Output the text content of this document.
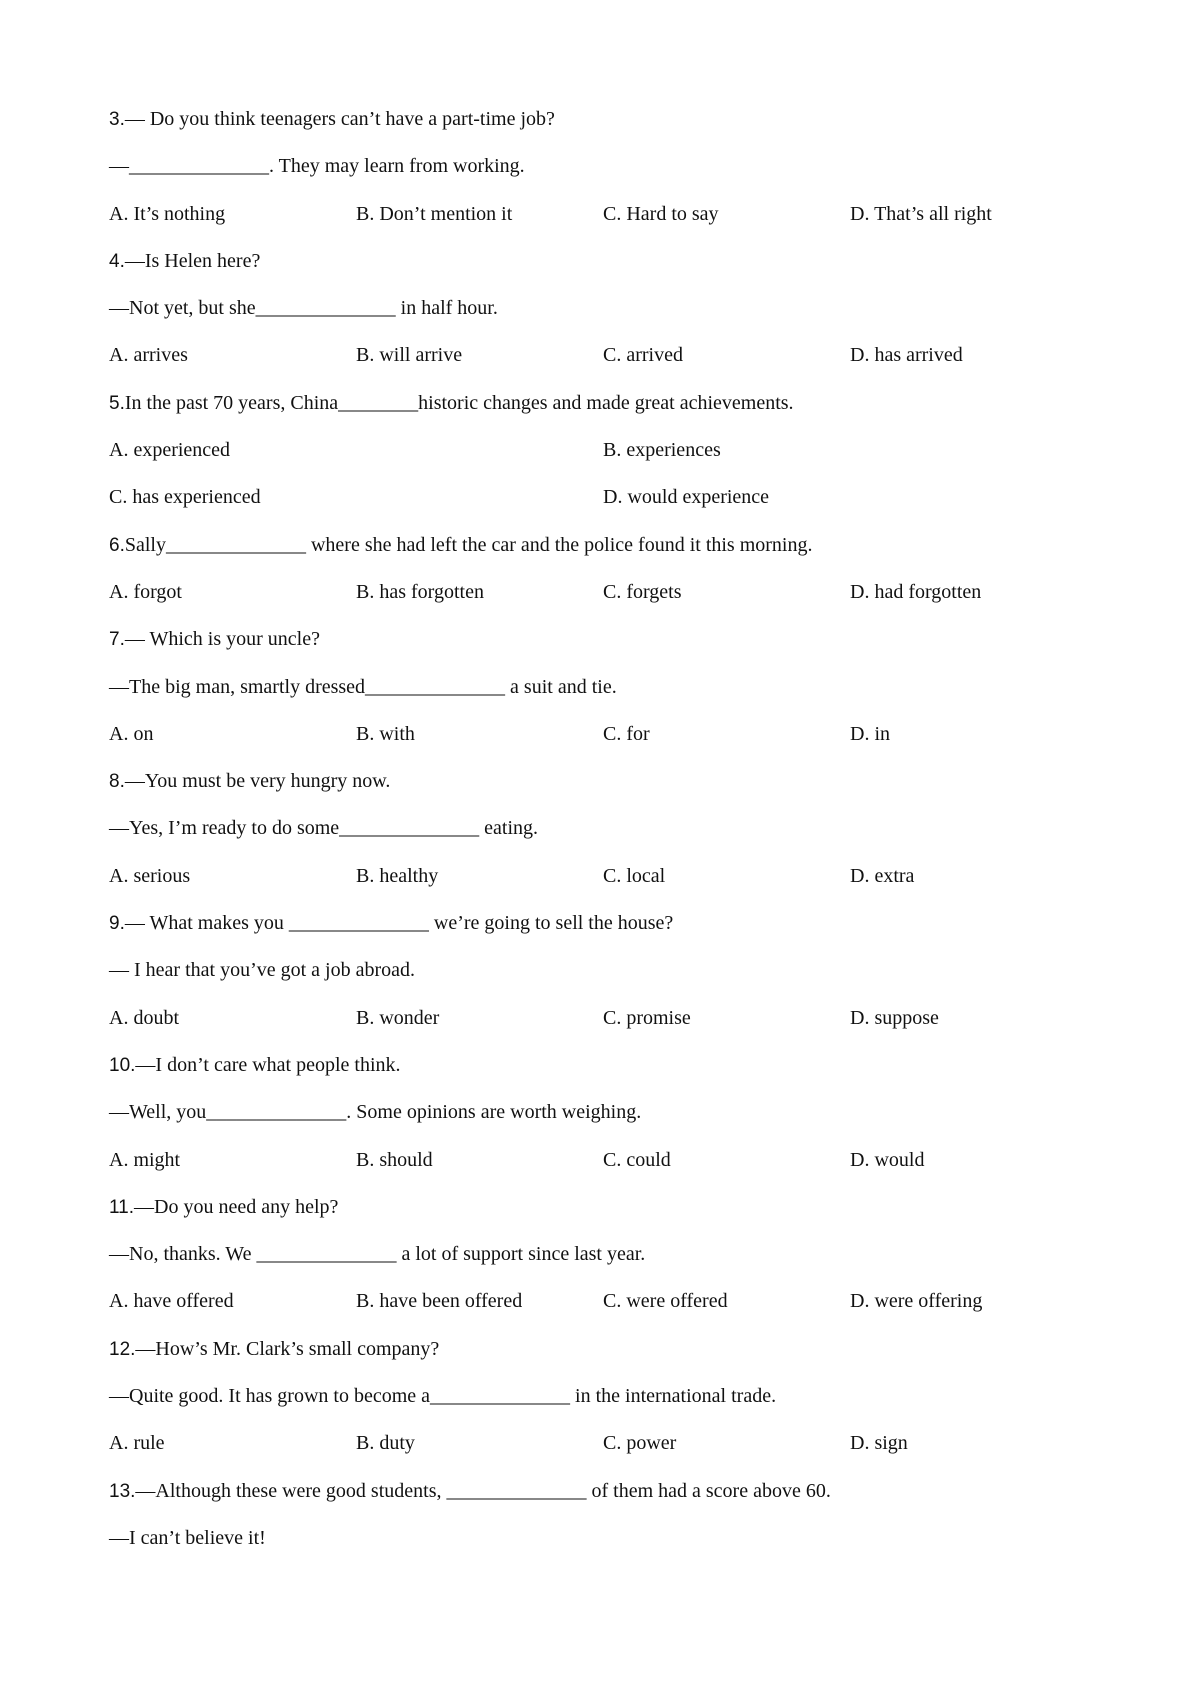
3.— Do you think teenagers can’t have a part-time job?
—______________. They may learn from working.
A. It’s nothing	B. Don’t mention it	C. Hard to say	D. That’s all right
4.—Is Helen here?
—Not yet, but she______________ in half hour.
A. arrives	B. will arrive	C. arrived	D. has arrived
5.In the past 70 years, China________historic changes and made great achievements.
A. experienced	B. experiences
C. has experienced	D. would experience
6.Sally______________ where she had left the car and the police found it this morning.
A. forgot	B. has forgotten	C. forgets	D. had forgotten
7.— Which is your uncle?
—The big man, smartly dressed______________ a suit and tie.
A. on	B. with	C. for	D. in
8.—You must be very hungry now.
—Yes, I’m ready to do some______________ eating.
A. serious	B. healthy	C. local	D. extra
9.— What makes you ______________ we’re going to sell the house?
— I hear that you’ve got a job abroad.
A. doubt	B. wonder	C. promise	D. suppose
10.—I don’t care what people think.
—Well, you______________. Some opinions are worth weighing.
A. might	B. should	C. could	D. would
11.—Do you need any help?
—No, thanks. We ______________ a lot of support since last year.
A. have offered	B. have been offered	C. were offered	D. were offering
12.—How’s Mr. Clark’s small company?
—Quite good. It has grown to become a______________ in the international trade.
A. rule	B. duty	C. power	D. sign
13.—Although these were good students, ______________ of them had a score above 60.
—I can’t believe it!
